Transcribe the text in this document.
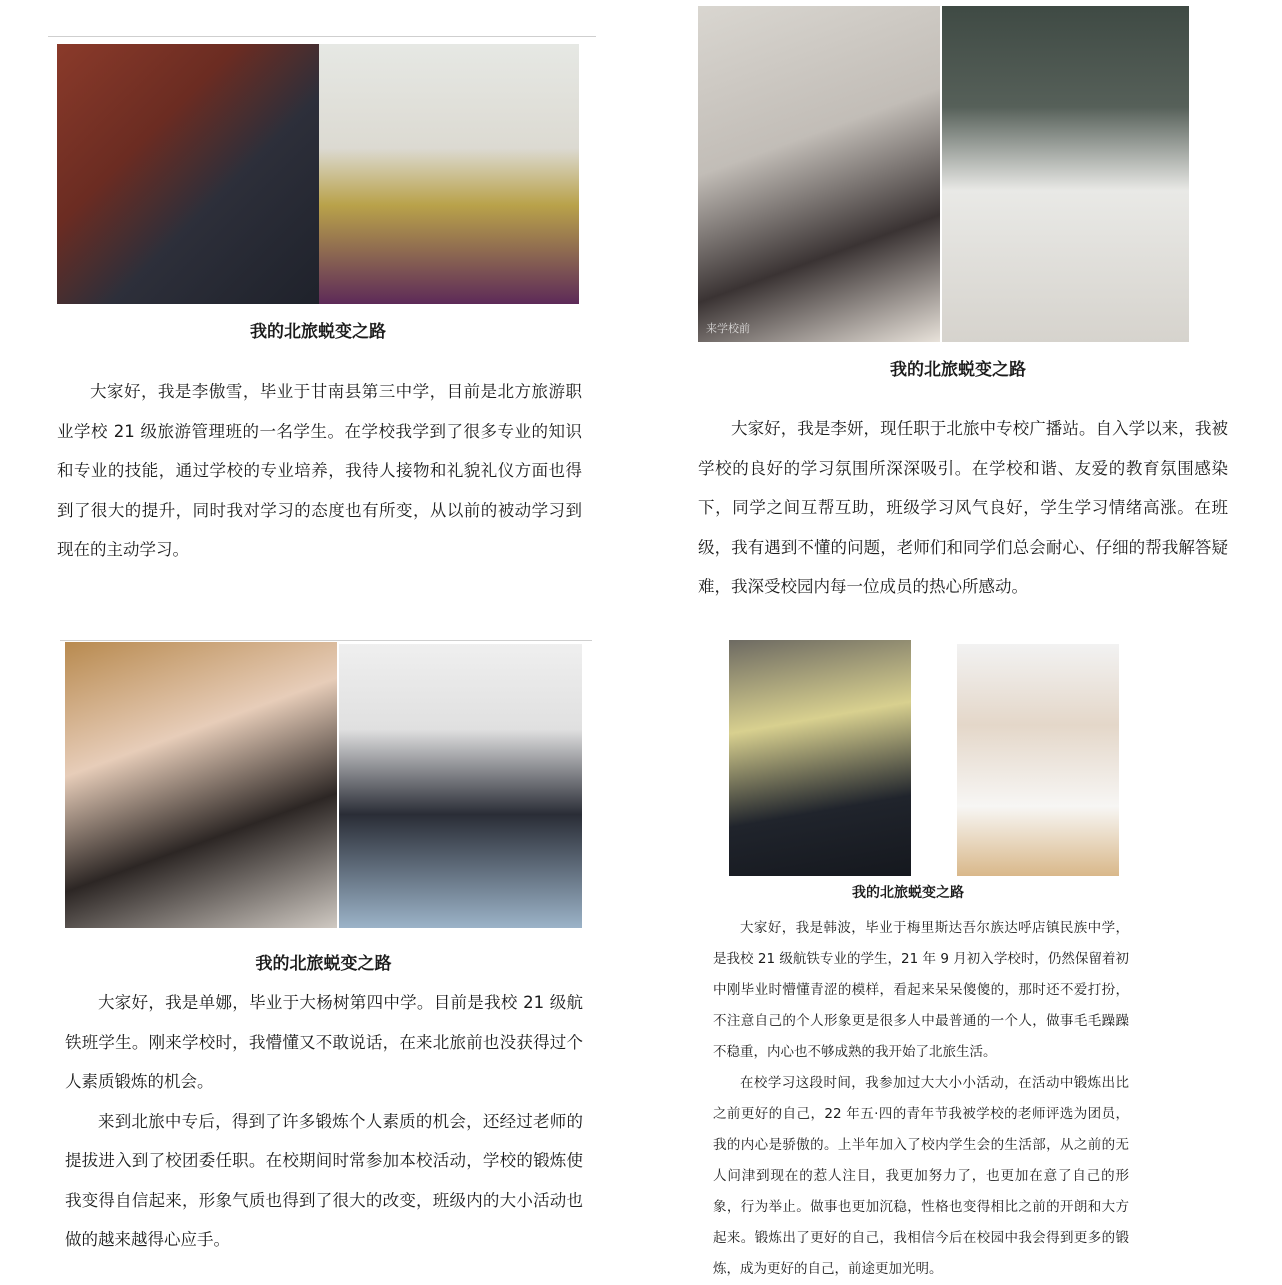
我的北旅蜕变之路

大家好，我是李傲雪，毕业于甘南县第三中学，目前是北方旅游职业学校 21 级旅游管理班的一名学生。在学校我学到了很多专业的知识和专业的技能，通过学校的专业培养，我待人接物和礼貌礼仪方面也得到了很大的提升，同时我对学习的态度也有所变，从以前的被动学习到现在的主动学习。

来学校前
我的北旅蜕变之路

大家好，我是李妍，现任职于北旅中专校广播站。自入学以来，我被学校的良好的学习氛围所深深吸引。在学校和谐、友爱的教育氛围感染下，同学之间互帮互助，班级学习风气良好，学生学习情绪高涨。在班级，我有遇到不懂的问题，老师们和同学们总会耐心、仔细的帮我解答疑难，我深受校园内每一位成员的热心所感动。

我的北旅蜕变之路

大家好，我是单娜，毕业于大杨树第四中学。目前是我校 21 级航铁班学生。刚来学校时，我懵懂又不敢说话，在来北旅前也没获得过个人素质锻炼的机会。

来到北旅中专后，得到了许多锻炼个人素质的机会，还经过老师的提拔进入到了校团委任职。在校期间时常参加本校活动，学校的锻炼使我变得自信起来，形象气质也得到了很大的改变，班级内的大小活动也做的越来越得心应手。

我的北旅蜕变之路

大家好，我是韩波，毕业于梅里斯达吾尔族达呼店镇民族中学，是我校 21 级航铁专业的学生，21 年 9 月初入学校时，仍然保留着初中刚毕业时懵懂青涩的模样，看起来呆呆傻傻的，那时还不爱打扮，不注意自己的个人形象更是很多人中最普通的一个人，做事毛毛躁躁不稳重，内心也不够成熟的我开始了北旅生活。

在校学习这段时间，我参加过大大小小活动，在活动中锻炼出比之前更好的自己，22 年五·四的青年节我被学校的老师评选为团员，我的内心是骄傲的。上半年加入了校内学生会的生活部，从之前的无人问津到现在的惹人注目，我更加努力了，也更加在意了自己的形象，行为举止。做事也更加沉稳，性格也变得相比之前的开朗和大方起来。锻炼出了更好的自己，我相信今后在校园中我会得到更多的锻炼，成为更好的自己，前途更加光明。
